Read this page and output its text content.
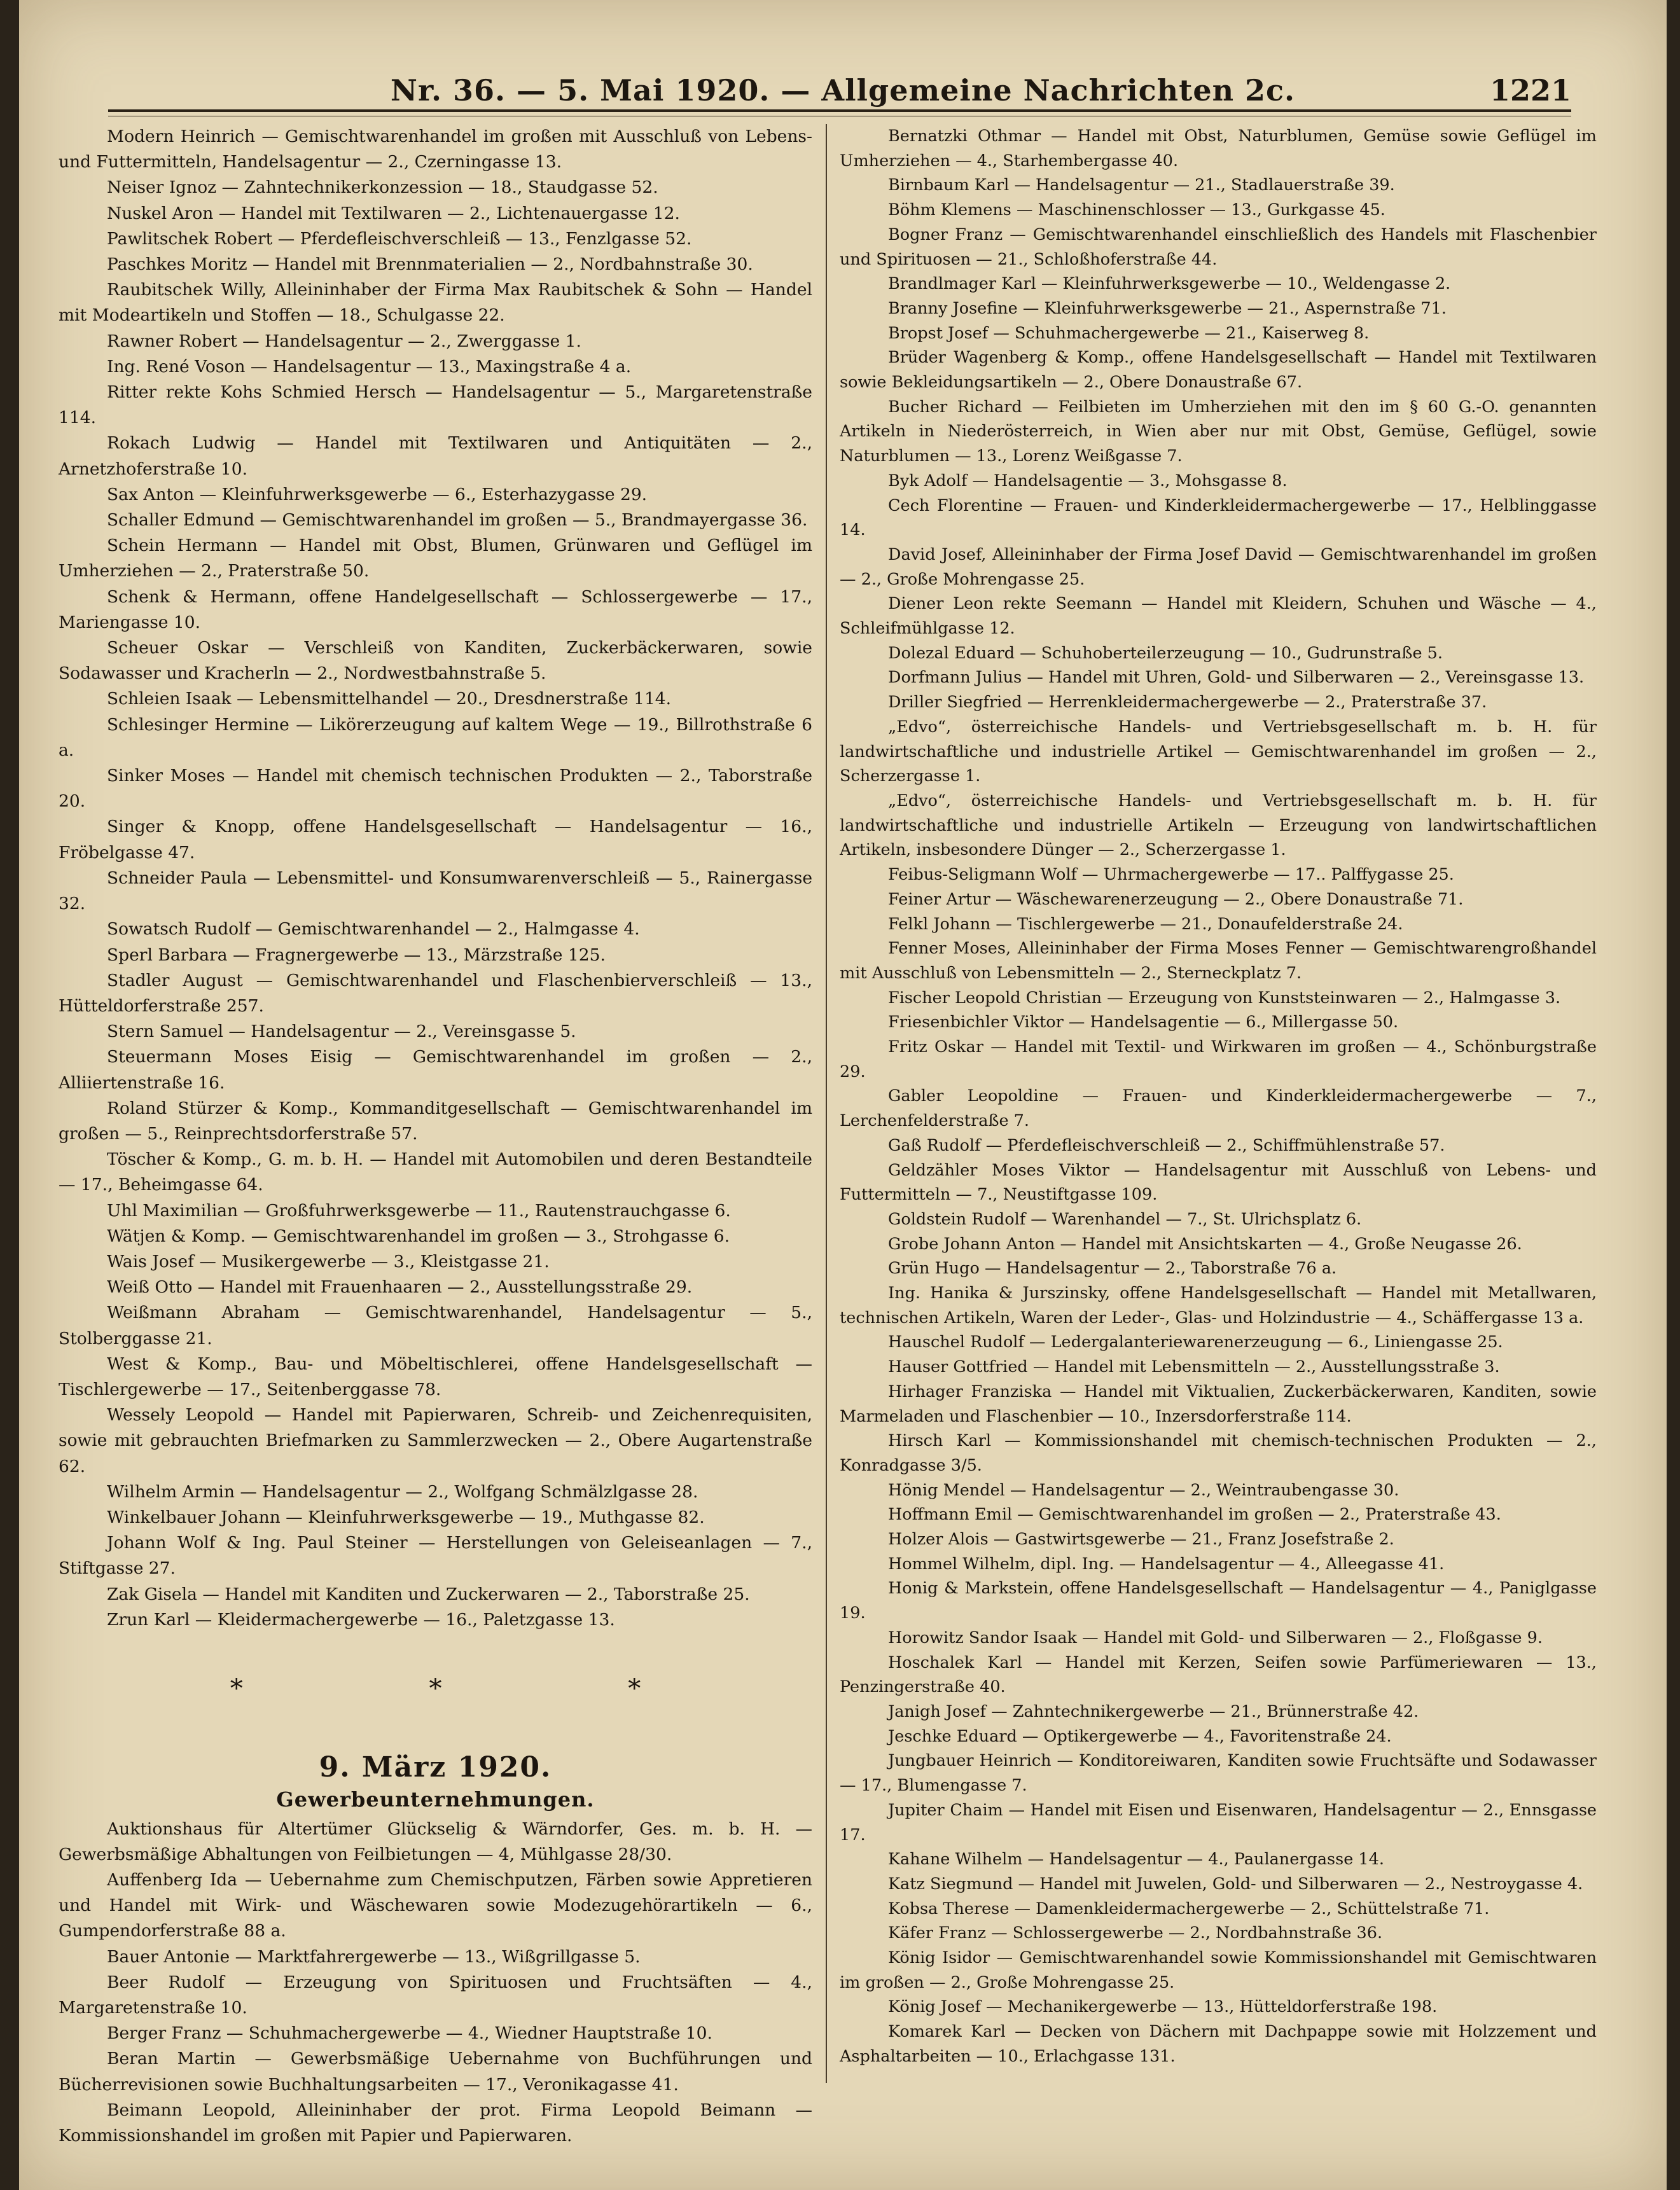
Nr. 36. — 5. Mai 1920. — Allgemeine Nachrichten 2c.	1221

Modern Heinrich — Gemischtwarenhandel im großen mit Ausschluß von Lebens- und Futtermitteln, Handelsagentur — 2., Czerningasse 13.

Neiser Ignoz — Zahntechnikerkonzession — 18., Staudgasse 52.

Nuskel Aron — Handel mit Textilwaren — 2., Lichtenauergasse 12.

Pawlitschek Robert — Pferdefleischverschleiß — 13., Fenzlgasse 52.

Paschkes Moritz — Handel mit Brennmaterialien — 2., Nordbahnstraße 30.

Raubitschek Willy, Alleininhaber der Firma Max Raubitschek & Sohn — Handel mit Modeartikeln und Stoffen — 18., Schulgasse 22.

Rawner Robert — Handelsagentur — 2., Zwerggasse 1.

Ing. René Voson — Handelsagentur — 13., Maxingstraße 4 a.

Ritter rekte Kohs Schmied Hersch — Handelsagentur — 5., Margaretenstraße 114.

Rokach Ludwig — Handel mit Textilwaren und Antiquitäten — 2., Arnetzhoferstraße 10.

Sax Anton — Kleinfuhrwerksgewerbe — 6., Esterhazygasse 29.

Schaller Edmund — Gemischtwarenhandel im großen — 5., Brandmayergasse 36.

Schein Hermann — Handel mit Obst, Blumen, Grünwaren und Geflügel im Umherziehen — 2., Praterstraße 50.

Schenk & Hermann, offene Handelgesellschaft — Schlossergewerbe — 17., Mariengasse 10.

Scheuer Oskar — Verschleiß von Kanditen, Zuckerbäckerwaren, sowie Sodawasser und Kracherln — 2., Nordwestbahnstraße 5.

Schleien Isaak — Lebensmittelhandel — 20., Dresdnerstraße 114.

Schlesinger Hermine — Likörerzeugung auf kaltem Wege — 19., Billrothstraße 6 a.

Sinker Moses — Handel mit chemisch technischen Produkten — 2., Taborstraße 20.

Singer & Knopp, offene Handelsgesellschaft — Handelsagentur — 16., Fröbelgasse 47.

Schneider Paula — Lebensmittel- und Konsumwarenverschleiß — 5., Rainergasse 32.

Sowatsch Rudolf — Gemischtwarenhandel — 2., Halmgasse 4.

Sperl Barbara — Fragnergewerbe — 13., Märzstraße 125.

Stadler August — Gemischtwarenhandel und Flaschenbierverschleiß — 13., Hütteldorferstraße 257.

Stern Samuel — Handelsagentur — 2., Vereinsgasse 5.

Steuermann Moses Eisig — Gemischtwarenhandel im großen — 2., Alliiertenstraße 16.

Roland Stürzer & Komp., Kommanditgesellschaft — Gemischtwarenhandel im großen — 5., Reinprechtsdorferstraße 57.

Töscher & Komp., G. m. b. H. — Handel mit Automobilen und deren Bestandteile — 17., Beheimgasse 64.

Uhl Maximilian — Großfuhrwerksgewerbe — 11., Rautenstrauchgasse 6.

Wätjen & Komp. — Gemischtwarenhandel im großen — 3., Strohgasse 6.

Wais Josef — Musikergewerbe — 3., Kleistgasse 21.

Weiß Otto — Handel mit Frauenhaaren — 2., Ausstellungsstraße 29.

Weißmann Abraham — Gemischtwarenhandel, Handelsagentur — 5., Stolberggasse 21.

West & Komp., Bau- und Möbeltischlerei, offene Handelsgesellschaft — Tischlergewerbe — 17., Seitenberggasse 78.

Wessely Leopold — Handel mit Papierwaren, Schreib- und Zeichenrequisiten, sowie mit gebrauchten Briefmarken zu Sammlerzwecken — 2., Obere Augartenstraße 62.

Wilhelm Armin — Handelsagentur — 2., Wolfgang Schmälzlgasse 28.

Winkelbauer Johann — Kleinfuhrwerksgewerbe — 19., Muthgasse 82.

Johann Wolf & Ing. Paul Steiner — Herstellungen von Geleiseanlagen — 7., Stiftgasse 27.

Zak Gisela — Handel mit Kanditen und Zuckerwaren — 2., Taborstraße 25.

Zrun Karl — Kleidermachergewerbe — 16., Paletzgasse 13.

* * *
9. März 1920.
Gewerbeunternehmungen.

Auktionshaus für Altertümer Glückselig & Wärndorfer, Ges. m. b. H. — Gewerbsmäßige Abhaltungen von Feilbietungen — 4, Mühlgasse 28/30.

Auffenberg Ida — Uebernahme zum Chemischputzen, Färben sowie Appretieren und Handel mit Wirk- und Wäschewaren sowie Modezugehörartikeln — 6., Gumpendorferstraße 88 a.

Bauer Antonie — Marktfahrergewerbe — 13., Wißgrillgasse 5.

Beer Rudolf — Erzeugung von Spirituosen und Fruchtsäften — 4., Margaretenstraße 10.

Berger Franz — Schuhmachergewerbe — 4., Wiedner Hauptstraße 10.

Beran Martin — Gewerbsmäßige Uebernahme von Buchführungen und Bücherrevisionen sowie Buchhaltungsarbeiten — 17., Veronikagasse 41.

Beimann Leopold, Alleininhaber der prot. Firma Leopold Beimann — Kommissionshandel im großen mit Papier und Papierwaren.

Bernatzki Othmar — Handel mit Obst, Naturblumen, Gemüse sowie Geflügel im Umherziehen — 4., Starhembergasse 40.

Birnbaum Karl — Handelsagentur — 21., Stadlauerstraße 39.

Böhm Klemens — Maschinenschlosser — 13., Gurkgasse 45.

Bogner Franz — Gemischtwarenhandel einschließlich des Handels mit Flaschenbier und Spirituosen — 21., Schloßhoferstraße 44.

Brandlmager Karl — Kleinfuhrwerksgewerbe — 10., Weldengasse 2.

Branny Josefine — Kleinfuhrwerksgewerbe — 21., Aspernstraße 71.

Bropst Josef — Schuhmachergewerbe — 21., Kaiserweg 8.

Brüder Wagenberg & Komp., offene Handelsgesellschaft — Handel mit Textilwaren sowie Bekleidungsartikeln — 2., Obere Donaustraße 67.

Bucher Richard — Feilbieten im Umherziehen mit den im § 60 G.-O. genannten Artikeln in Niederösterreich, in Wien aber nur mit Obst, Gemüse, Geflügel, sowie Naturblumen — 13., Lorenz Weißgasse 7.

Byk Adolf — Handelsagentie — 3., Mohsgasse 8.

Cech Florentine — Frauen- und Kinderkleidermachergewerbe — 17., Helblinggasse 14.

David Josef, Alleininhaber der Firma Josef David — Gemischtwarenhandel im großen — 2., Große Mohrengasse 25.

Diener Leon rekte Seemann — Handel mit Kleidern, Schuhen und Wäsche — 4., Schleifmühlgasse 12.

Dolezal Eduard — Schuhoberteilerzeugung — 10., Gudrunstraße 5.

Dorfmann Julius — Handel mit Uhren, Gold- und Silberwaren — 2., Vereinsgasse 13.

Driller Siegfried — Herrenkleidermachergewerbe — 2., Praterstraße 37.

„Edvo“, österreichische Handels- und Vertriebsgesellschaft m. b. H. für landwirtschaftliche und industrielle Artikel — Gemischtwarenhandel im großen — 2., Scherzergasse 1.

„Edvo“, österreichische Handels- und Vertriebsgesellschaft m. b. H. für landwirtschaftliche und industrielle Artikeln — Erzeugung von landwirtschaftlichen Artikeln, insbesondere Dünger — 2., Scherzergasse 1.

Feibus-Seligmann Wolf — Uhrmachergewerbe — 17.. Palffygasse 25.

Feiner Artur — Wäschewarenerzeugung — 2., Obere Donaustraße 71.

Felkl Johann — Tischlergewerbe — 21., Donaufelderstraße 24.

Fenner Moses, Alleininhaber der Firma Moses Fenner — Gemischtwarengroßhandel mit Ausschluß von Lebensmitteln — 2., Sterneckplatz 7.

Fischer Leopold Christian — Erzeugung von Kunststeinwaren — 2., Halmgasse 3.

Friesenbichler Viktor — Handelsagentie — 6., Millergasse 50.

Fritz Oskar — Handel mit Textil- und Wirkwaren im großen — 4., Schönburgstraße 29.

Gabler Leopoldine — Frauen- und Kinderkleidermachergewerbe — 7., Lerchenfelderstraße 7.

Gaß Rudolf — Pferdefleischverschleiß — 2., Schiffmühlenstraße 57.

Geldzähler Moses Viktor — Handelsagentur mit Ausschluß von Lebens- und Futtermitteln — 7., Neustiftgasse 109.

Goldstein Rudolf — Warenhandel — 7., St. Ulrichsplatz 6.

Grobe Johann Anton — Handel mit Ansichtskarten — 4., Große Neugasse 26.

Grün Hugo — Handelsagentur — 2., Taborstraße 76 a.

Ing. Hanika & Jurszinsky, offene Handelsgesellschaft — Handel mit Metallwaren, technischen Artikeln, Waren der Leder-, Glas- und Holzindustrie — 4., Schäffergasse 13 a.

Hauschel Rudolf — Ledergalanteriewarenerzeugung — 6., Liniengasse 25.

Hauser Gottfried — Handel mit Lebensmitteln — 2., Ausstellungsstraße 3.

Hirhager Franziska — Handel mit Viktualien, Zuckerbäckerwaren, Kanditen, sowie Marmeladen und Flaschenbier — 10., Inzersdorferstraße 114.

Hirsch Karl — Kommissionshandel mit chemisch-technischen Produkten — 2., Konradgasse 3/5.

Hönig Mendel — Handelsagentur — 2., Weintraubengasse 30.

Hoffmann Emil — Gemischtwarenhandel im großen — 2., Praterstraße 43.

Holzer Alois — Gastwirtsgewerbe — 21., Franz Josefstraße 2.

Hommel Wilhelm, dipl. Ing. — Handelsagentur — 4., Alleegasse 41.

Honig & Markstein, offene Handelsgesellschaft — Handelsagentur — 4., Paniglgasse 19.

Horowitz Sandor Isaak — Handel mit Gold- und Silberwaren — 2., Floßgasse 9.

Hoschalek Karl — Handel mit Kerzen, Seifen sowie Parfümeriewaren — 13., Penzingerstraße 40.

Janigh Josef — Zahntechnikergewerbe — 21., Brünnerstraße 42.

Jeschke Eduard — Optikergewerbe — 4., Favoritenstraße 24.

Jungbauer Heinrich — Konditoreiwaren, Kanditen sowie Fruchtsäfte und Sodawasser — 17., Blumengasse 7.

Jupiter Chaim — Handel mit Eisen und Eisenwaren, Handelsagentur — 2., Ennsgasse 17.

Kahane Wilhelm — Handelsagentur — 4., Paulanergasse 14.

Katz Siegmund — Handel mit Juwelen, Gold- und Silberwaren — 2., Nestroygasse 4.

Kobsa Therese — Damenkleidermachergewerbe — 2., Schüttelstraße 71.

Käfer Franz — Schlossergewerbe — 2., Nordbahnstraße 36.

König Isidor — Gemischtwarenhandel sowie Kommissionshandel mit Gemischtwaren im großen — 2., Große Mohrengasse 25.

König Josef — Mechanikergewerbe — 13., Hütteldorferstraße 198.

Komarek Karl — Decken von Dächern mit Dachpappe sowie mit Holzzement und Asphaltarbeiten — 10., Erlachgasse 131.
